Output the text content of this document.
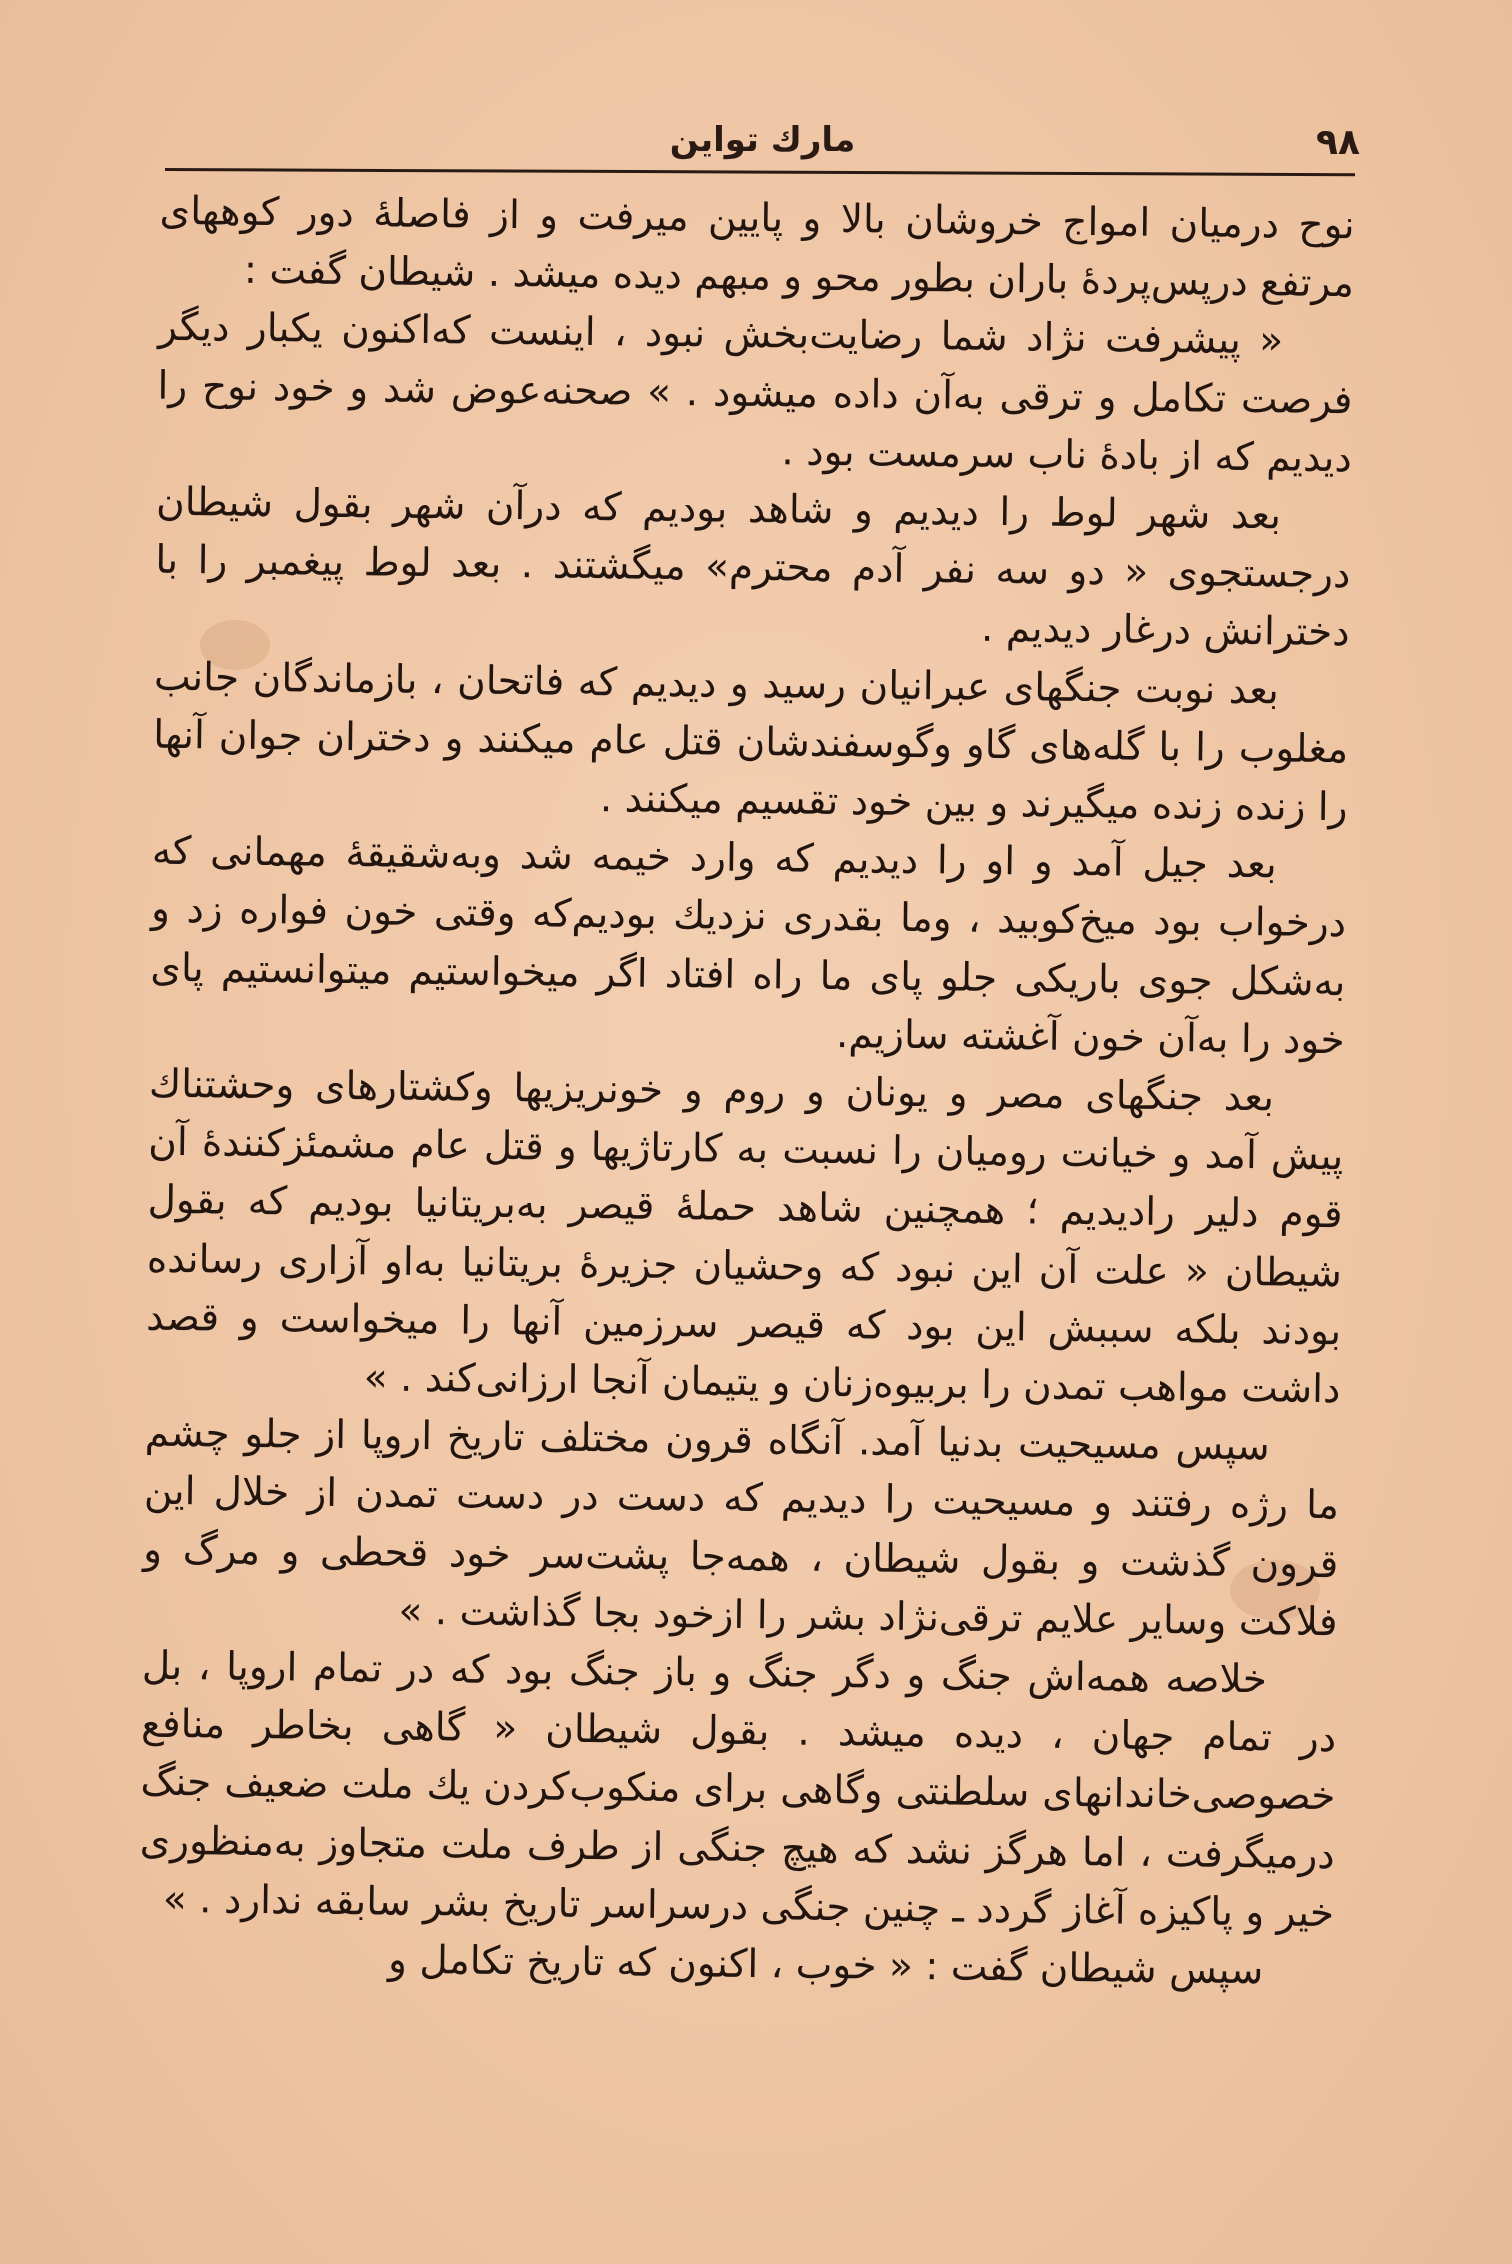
۹۸
مارك تواين

نوح درمیان امواج خروشان بالا و پایین میرفت و از فاصلهٔ دور کوههای مرتفع درپس‌پردهٔ باران بطور محو و مبهم دیده میشد . شیطان گفت :

« پیشرفت نژاد شما رضایت‌بخش نبود ، اینست که‌اکنون یکبار دیگر فرصت تکامل و ترقی به‌آن داده میشود . » صحنه‌عوض شد و خود نوح را دیدیم که از بادهٔ ناب سرمست بود .

بعد شهر لوط را دیدیم و شاهد بودیم که درآن شهر بقول شیطان درجستجوی « دو سه نفر آدم محترم» میگشتند . بعد لوط پیغمبر را با دخترانش درغار دیدیم .

بعد نوبت جنگهای عبرانیان رسید و دیدیم که فاتحان ، بازماندگان جانب مغلوب را با گله‌های گاو وگوسفندشان قتل عام میکنند و دختران جوان آنها را زنده زنده میگیرند و بین خود تقسیم میکنند .

بعد جیل آمد و او را دیدیم که وارد خیمه شد وبه‌شقیقهٔ مهمانی که درخواب بود میخ‌کوبید ، وما بقدری نزدیك بودیم‌که وقتی خون فواره زد و به‌شکل جوی باریکی جلو پای ما راه افتاد اگر میخواستیم میتوانستیم پای خود را به‌آن خون آغشته سازیم.

بعد جنگهای مصر و یونان و روم و خونریزیها وکشتارهای وحشتناك پیش آمد و خیانت رومیان را نسبت به کارتاژیها و قتل عام مشمئزکنندهٔ آن قوم دلیر رادیدیم ؛ همچنین شاهد حملهٔ قیصر به‌بریتانیا بودیم که بقول شیطان « علت آن این نبود که وحشیان جزیرهٔ بریتانیا به‌او آزاری رسانده بودند بلکه سببش این بود که قیصر سرزمین آنها را میخواست و قصد داشت مواهب تمدن را بربیوه‌زنان و یتیمان آنجا ارزانی‌کند . »

سپس مسیحیت بدنیا آمد. آنگاه قرون مختلف تاریخ اروپا از جلو چشم ما رژه رفتند و مسیحیت را دیدیم که دست در دست تمدن از خلال این قرون گذشت و بقول شیطان ، همه‌جا پشت‌سر خود قحطی و مرگ و فلاکت وسایر علایم ترقی‌نژاد بشر را ازخود بجا گذاشت . »

خلاصه همه‌اش جنگ و دگر جنگ و باز جنگ بود که در تمام اروپا ، بل در تمام جهان ، دیده میشد . بقول شیطان « گاهی بخاطر منافع خصوصی‌خاندانهای سلطنتی وگاهی برای منکوب‌کردن یك ملت ضعیف جنگ درمیگرفت ، اما هرگز نشد که هیچ جنگی از طرف ملت متجاوز به‌منظوری خیر و پاکیزه آغاز گردد ـ چنین جنگی درسراسر تاریخ بشر سابقه ندارد . »

سپس شیطان گفت : « خوب ، اکنون که تاریخ تکامل و
